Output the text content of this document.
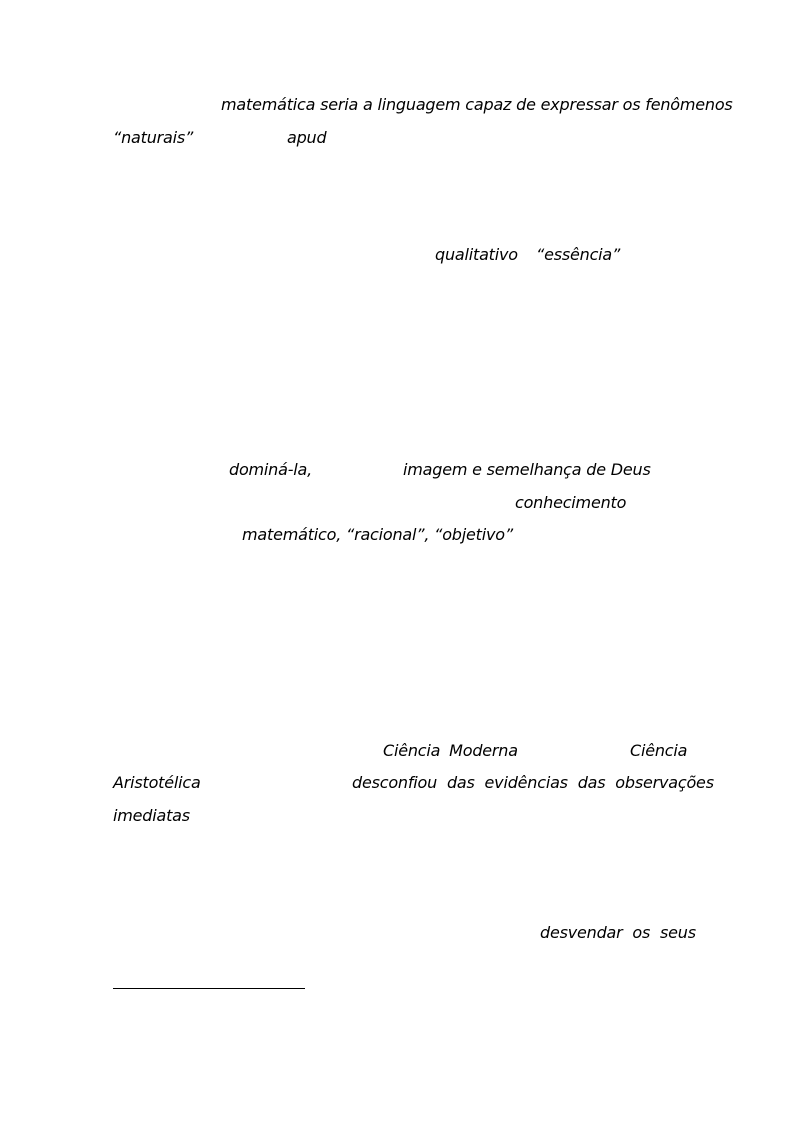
matemática seria a linguagem capaz de expressar os fenômenos
“naturais”	apud
qualitativo “essência”
dominá-la,	imagem e semelhança de Deus
conhecimento
matemático, “racional”, “objetivo”
Ciência Moderna	Ciência
Aristotélica	desconfiou das evidências das observações
imediatas
desvendar os seus
